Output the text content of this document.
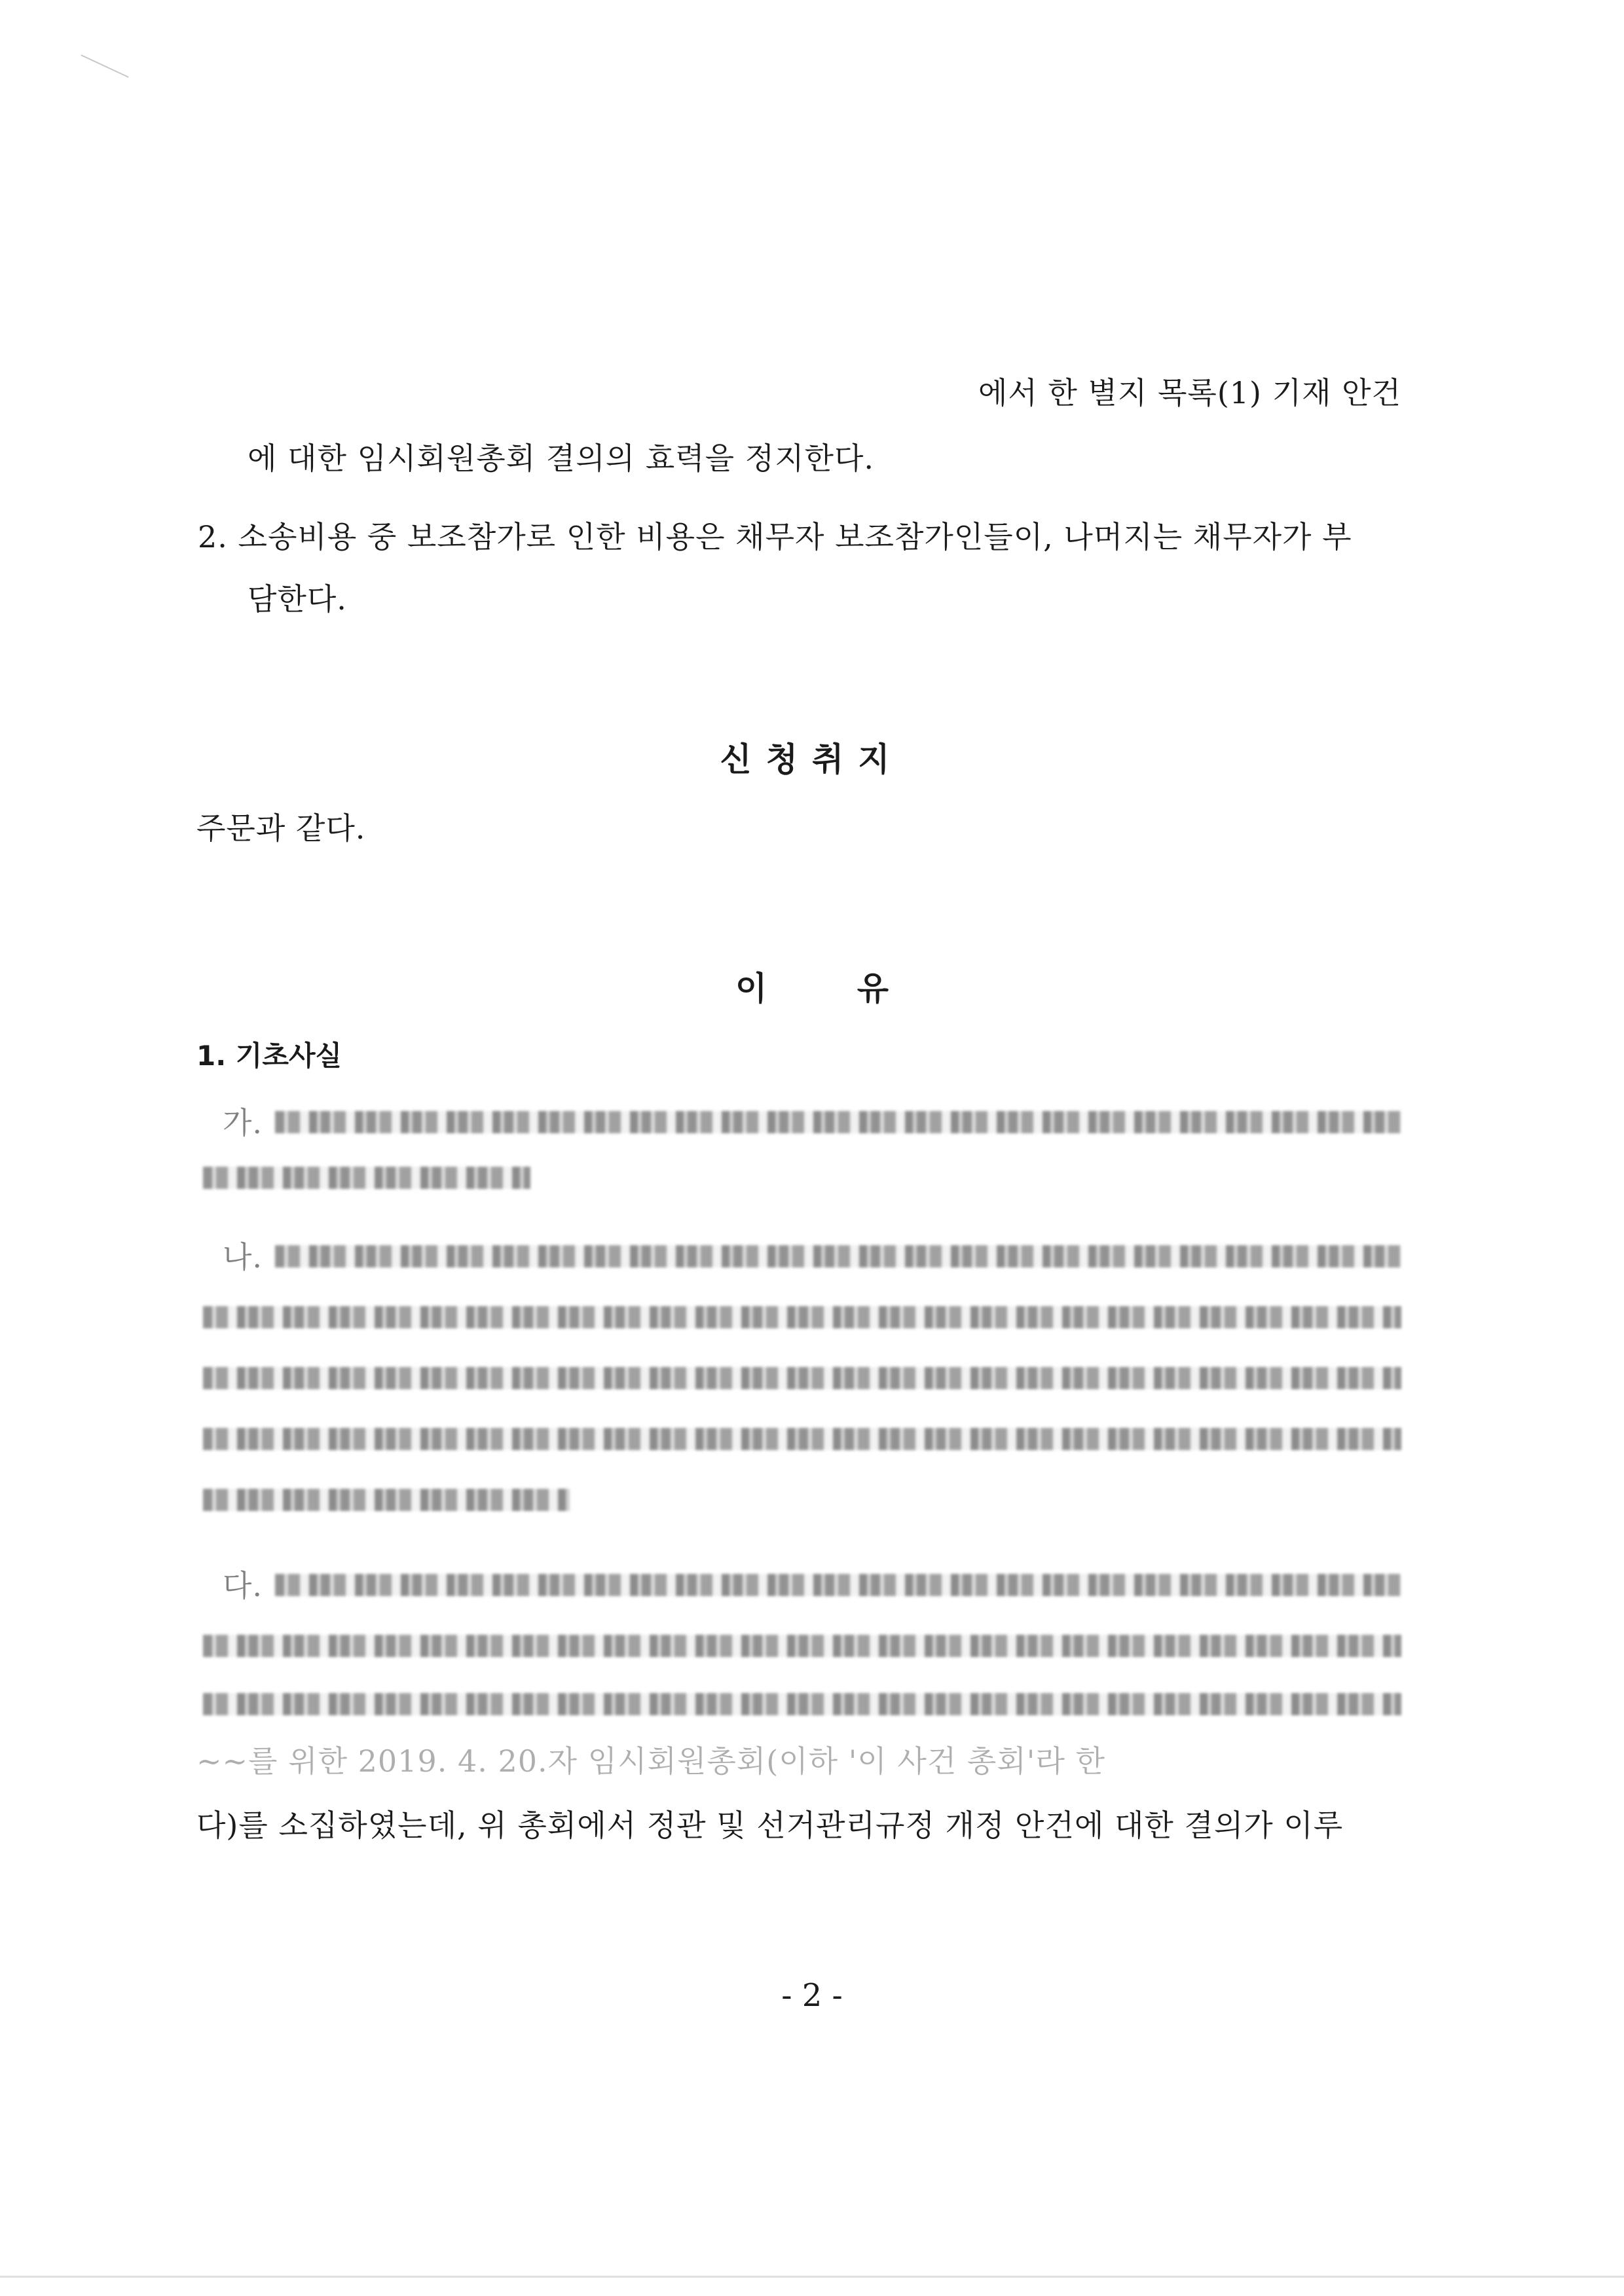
에서 한 별지 목록(1) 기재 안건
에 대한 임시회원총회 결의의 효력을 정지한다.
2. 소송비용 중 보조참가로 인한 비용은 채무자 보조참가인들이, 나머지는 채무자가 부
담한다.
신청취지
주문과 같다.
이 유
1. 기초사실
가.
나.
다.
~~를 위한 2019. 4. 20.자 임시회원총회(이하 '이 사건 총회'라 한
다)를 소집하였는데, 위 총회에서 정관 및 선거관리규정 개정 안건에 대한 결의가 이루
- 2 -
